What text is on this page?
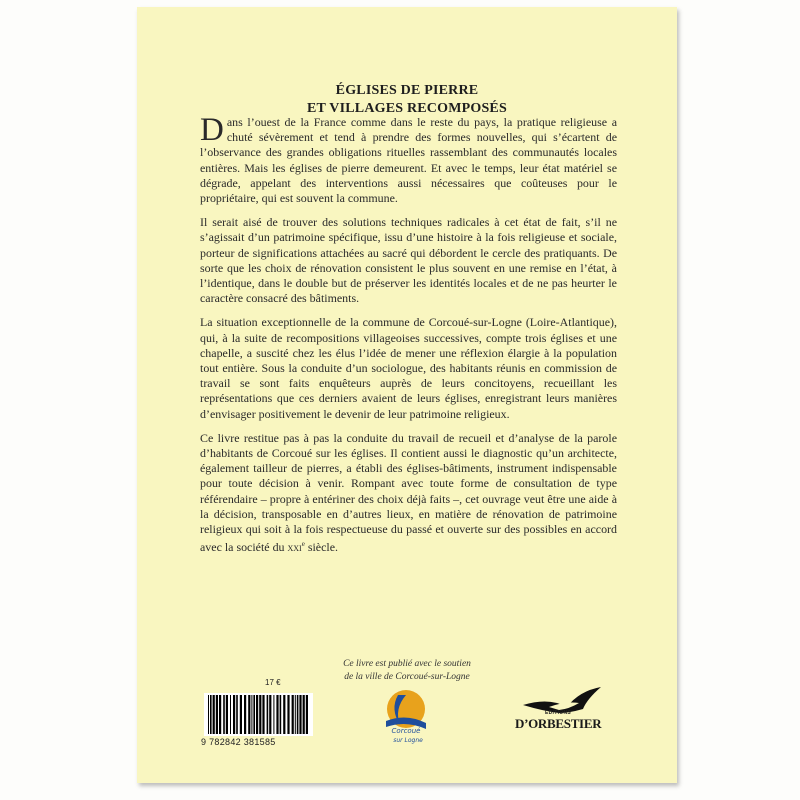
ÉGLISES DE PIERRE
ET VILLAGES RECOMPOSÉS

Dans l’ouest de la France comme dans le reste du pays, la pratique religieuse a chuté sévèrement et tend à prendre des formes nouvelles, qui s’écartent de l’observance des grandes obligations rituelles rassemblant des communautés locales entières. Mais les églises de pierre demeurent. Et avec le temps, leur état matériel se dégrade, appelant des interventions aussi nécessaires que coûteuses pour le propriétaire, qui est souvent la commune.

Il serait aisé de trouver des solutions techniques radicales à cet état de fait, s’il ne s’agissait d’un patrimoine spécifique, issu d’une histoire à la fois religieuse et sociale, porteur de significations attachées au sacré qui débordent le cercle des pratiquants. De sorte que les choix de rénovation consistent le plus souvent en une remise en l’état, à l’identique, dans le double but de préserver les identités locales et de ne pas heurter le caractère consacré des bâtiments.

La situation exceptionnelle de la commune de Corcoué-sur-Logne (Loire-Atlantique), qui, à la suite de recompositions villageoises successives, compte trois églises et une chapelle, a suscité chez les élus l’idée de mener une réflexion élargie à la population tout entière. Sous la conduite d’un sociologue, des habitants réunis en commission de travail se sont faits enquêteurs auprès de leurs concitoyens, recueillant les représentations que ces derniers avaient de leurs églises, enregistrant leurs manières d’envisager positivement le devenir de leur patrimoine religieux.

Ce livre restitue pas à pas la conduite du travail de recueil et d’analyse de la parole d’habitants de Corcoué sur les églises. Il contient aussi le diagnostic qu’un architecte, également tailleur de pierres, a établi des églises-bâtiments, instrument indispensable pour toute décision à venir. Rompant avec toute forme de consultation de type référendaire – propre à entériner des choix déjà faits –, cet ouvrage veut être une aide à la décision, transposable en d’autres lieux, en matière de rénovation de patrimoine religieux qui soit à la fois respectueuse du passé et ouverte sur des possibles en accord avec la société du xxi$^e$ siècle.

Ce livre est publié avec le soutien
de la ville de Corcoué-sur-Logne
17 €
9 782842 381585
Corcoué
sur Logne
EDITIONS
D’ORBESTIER
